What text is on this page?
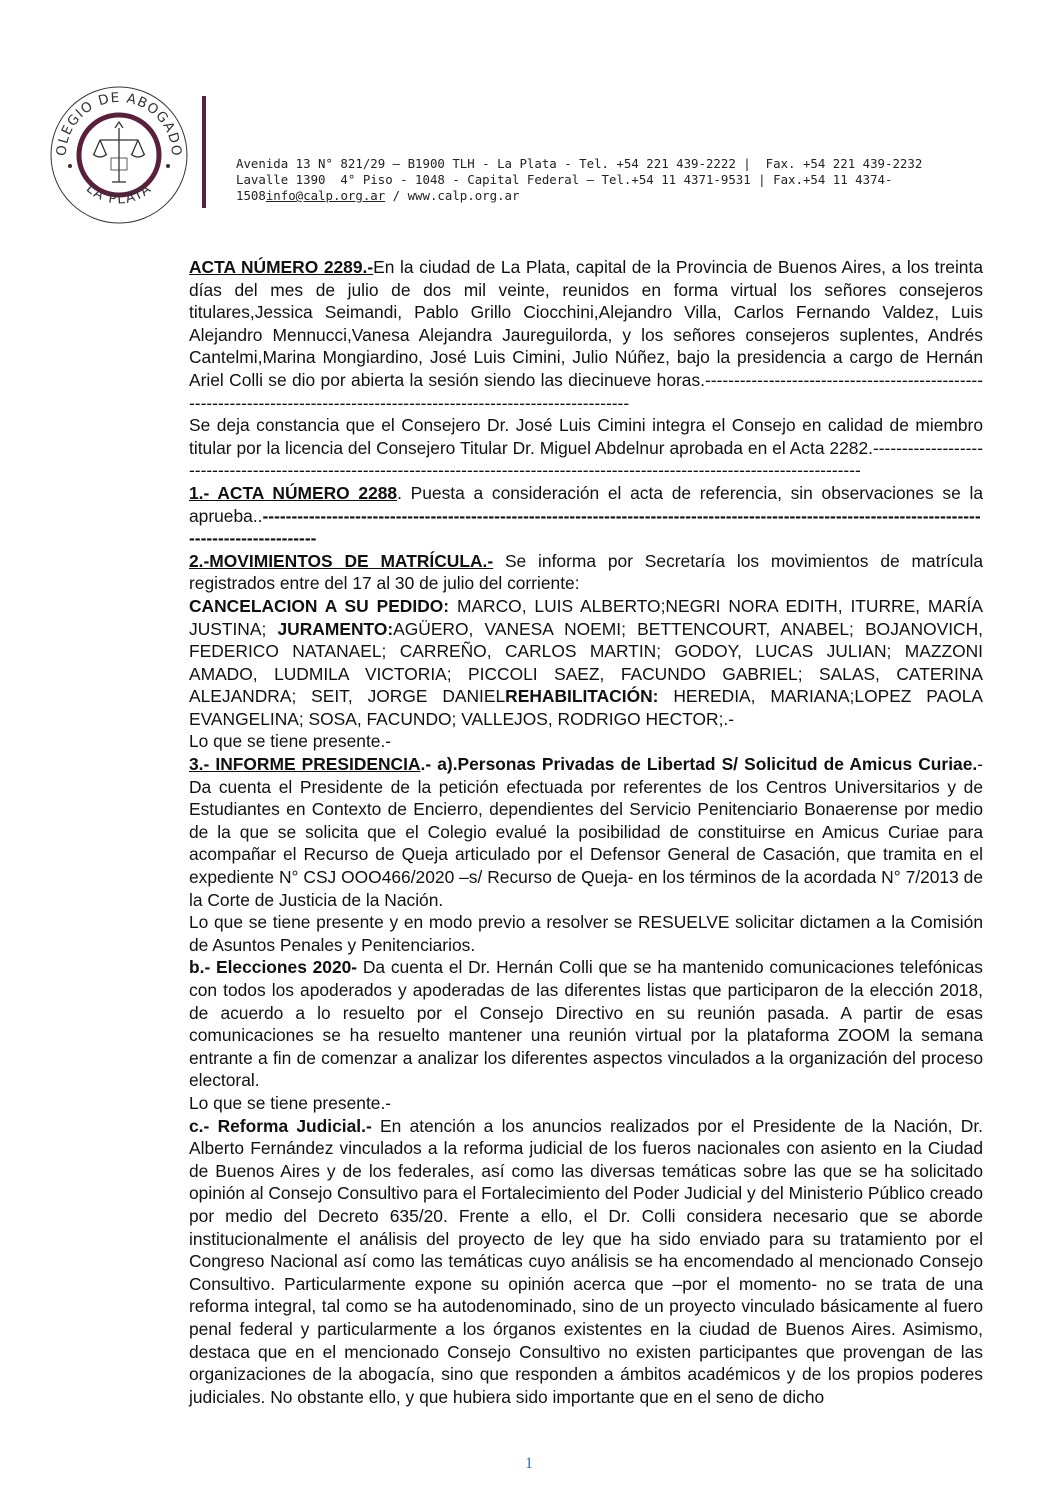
OLEGIO DE ABOGADO
LA PLATA
Avenida 13 N° 821/29 – B1900 TLH - La Plata - Tel. +54 221 439-2222 |  Fax. +54 221 439-2232
Lavalle 1390  4° Piso - 1048 - Capital Federal – Tel.+54 11 4371-9531 | Fax.+54 11 4374-
1508info@calp.org.ar / www.calp.org.ar

ACTA NÚMERO 2289.-En la ciudad de La Plata, capital de la Provincia de Buenos Aires, a los treinta días del mes de julio de dos mil veinte, reunidos en forma virtual los señores consejeros titulares,Jessica Seimandi, Pablo Grillo Ciocchini,Alejandro Villa, Carlos Fernando Valdez, Luis Alejandro Mennucci,Vanesa Alejandra Jaureguilorda, y los señores consejeros suplentes, Andrés Cantelmi,Marina Mongiardino, José Luis Cimini, Julio Núñez, bajo la presidencia a cargo de Hernán Ariel Colli se dio por abierta la sesión siendo las diecinueve horas.----------------------------------------------------------------------------------------------------------------------------

Se deja constancia que el Consejero Dr. José Luis Cimini integra el Consejo en calidad de miembro titular por la licencia del Consejero Titular Dr. Miguel Abdelnur aprobada en el Acta 2282.---------------------------------------------------------------------------------------------------------------------------------------

1.- ACTA NÚMERO 2288. Puesta a consideración el acta de referencia, sin observaciones se la aprueba..--------------------------------------------------------------------------------------------------------------------------------------------------

2.-MOVIMIENTOS DE MATRÍCULA.- Se informa por Secretaría los movimientos de matrícula registrados entre del 17 al 30 de julio del corriente:
CANCELACION A SU PEDIDO: MARCO, LUIS ALBERTO;NEGRI NORA EDITH, ITURRE, MARÍA JUSTINA; JURAMENTO:AGÜERO, VANESA NOEMI; BETTENCOURT, ANABEL; BOJANOVICH, FEDERICO NATANAEL; CARREÑO, CARLOS MARTIN; GODOY, LUCAS JULIAN; MAZZONI AMADO, LUDMILA VICTORIA; PICCOLI SAEZ, FACUNDO GABRIEL; SALAS, CATERINA ALEJANDRA; SEIT, JORGE DANIELREHABILITACIÓN: HEREDIA, MARIANA;LOPEZ PAOLA EVANGELINA; SOSA, FACUNDO; VALLEJOS, RODRIGO HECTOR;.-

Lo que se tiene presente.-

3.- INFORME PRESIDENCIA.- a).Personas Privadas de Libertad S/ Solicitud de Amicus Curiae.-Da cuenta el Presidente de la petición efectuada por referentes de los Centros Universitarios y de Estudiantes en Contexto de Encierro, dependientes del Servicio Penitenciario Bonaerense por medio de la que se solicita que el Colegio evalué la posibilidad de constituirse en Amicus Curiae para acompañar el Recurso de Queja articulado por el Defensor General de Casación, que tramita en el expediente N° CSJ OOO466/2020 –s/ Recurso de Queja- en los términos de la acordada N° 7/2013 de la Corte de Justicia de la Nación.

Lo que se tiene presente y en modo previo a resolver se RESUELVE solicitar dictamen a la Comisión de Asuntos Penales y Penitenciarios.

b.- Elecciones 2020- Da cuenta el Dr. Hernán Colli que se ha mantenido comunicaciones telefónicas con todos los apoderados y apoderadas de las diferentes listas que participaron de la elección 2018, de acuerdo a lo resuelto por el Consejo Directivo en su reunión pasada. A partir de esas comunicaciones se ha resuelto mantener una reunión virtual por la plataforma ZOOM la semana entrante a fin de comenzar a analizar los diferentes aspectos vinculados a la organización del proceso electoral.

Lo que se tiene presente.-

c.- Reforma Judicial.- En atención a los anuncios realizados por el Presidente de la Nación, Dr. Alberto Fernández vinculados a la reforma judicial de los fueros nacionales con asiento en la Ciudad de Buenos Aires y de los federales, así como las diversas temáticas sobre las que se ha solicitado opinión al Consejo Consultivo para el Fortalecimiento del Poder Judicial y del Ministerio Público creado por medio del Decreto 635/20. Frente a ello, el Dr. Colli considera necesario que se aborde institucionalmente el análisis del proyecto de ley que ha sido enviado para su tratamiento por el Congreso Nacional así como las temáticas cuyo análisis se ha encomendado al mencionado Consejo Consultivo. Particularmente expone su opinión acerca que –por el momento- no se trata de una reforma integral, tal como se ha autodenominado, sino de un proyecto vinculado básicamente al fuero penal federal y particularmente a los órganos existentes en la ciudad de Buenos Aires. Asimismo, destaca que en el mencionado Consejo Consultivo no existen participantes que provengan de las organizaciones de la abogacía, sino que responden a ámbitos académicos y de los propios poderes judiciales. No obstante ello, y que hubiera sido importante que en el seno de dicho

1
